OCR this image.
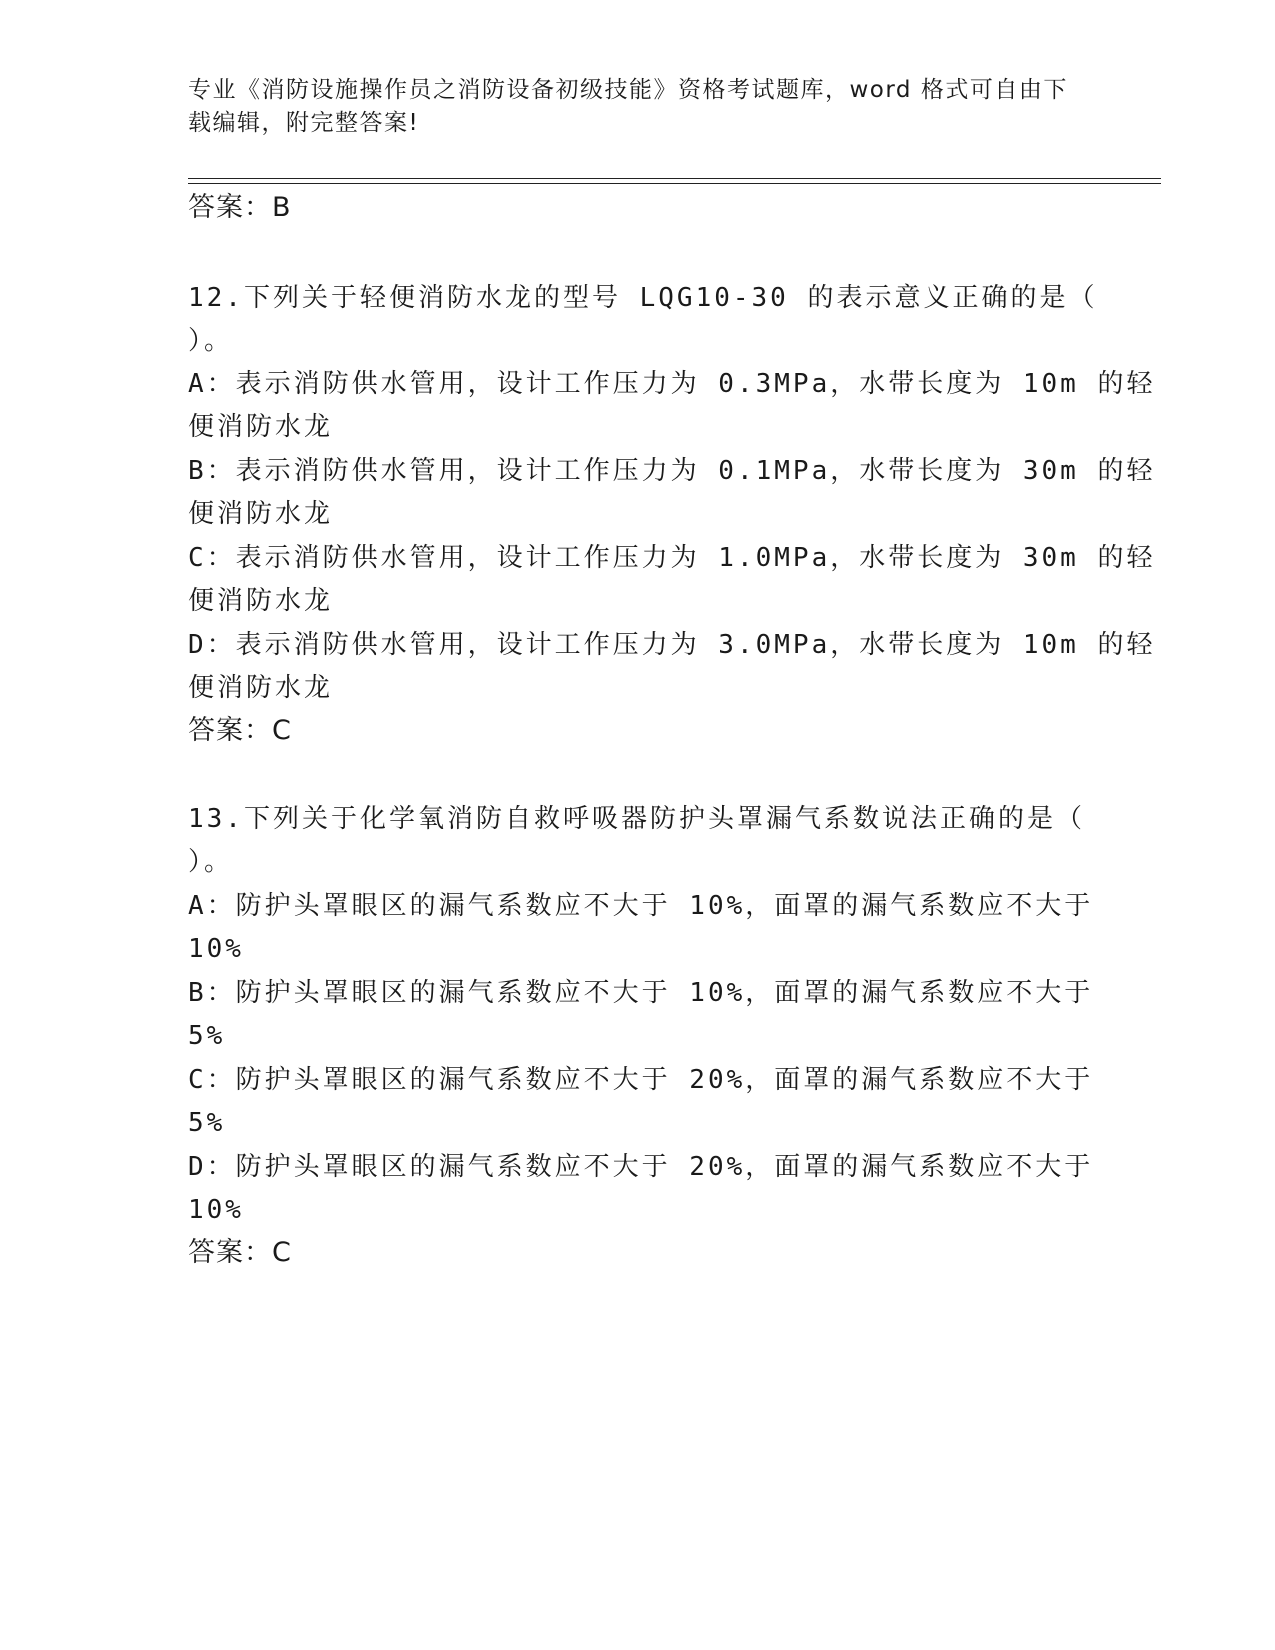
专业《消防设施操作员之消防设备初级技能》资格考试题库，word 格式可自由下
载编辑，附完整答案!
答案：B
12.下列关于轻便消防水龙的型号 LQG10-30 的表示意义正确的是（
）。
A：表示消防供水管用，设计工作压力为 0.3MPa，水带长度为 10m 的轻
便消防水龙
B：表示消防供水管用，设计工作压力为 0.1MPa，水带长度为 30m 的轻
便消防水龙
C：表示消防供水管用，设计工作压力为 1.0MPa，水带长度为 30m 的轻
便消防水龙
D：表示消防供水管用，设计工作压力为 3.0MPa，水带长度为 10m 的轻
便消防水龙
答案：C
13.下列关于化学氧消防自救呼吸器防护头罩漏气系数说法正确的是（
）。
A：防护头罩眼区的漏气系数应不大于 10%，面罩的漏气系数应不大于
10%
B：防护头罩眼区的漏气系数应不大于 10%，面罩的漏气系数应不大于
5%
C：防护头罩眼区的漏气系数应不大于 20%，面罩的漏气系数应不大于
5%
D：防护头罩眼区的漏气系数应不大于 20%，面罩的漏气系数应不大于
10%
答案：C
